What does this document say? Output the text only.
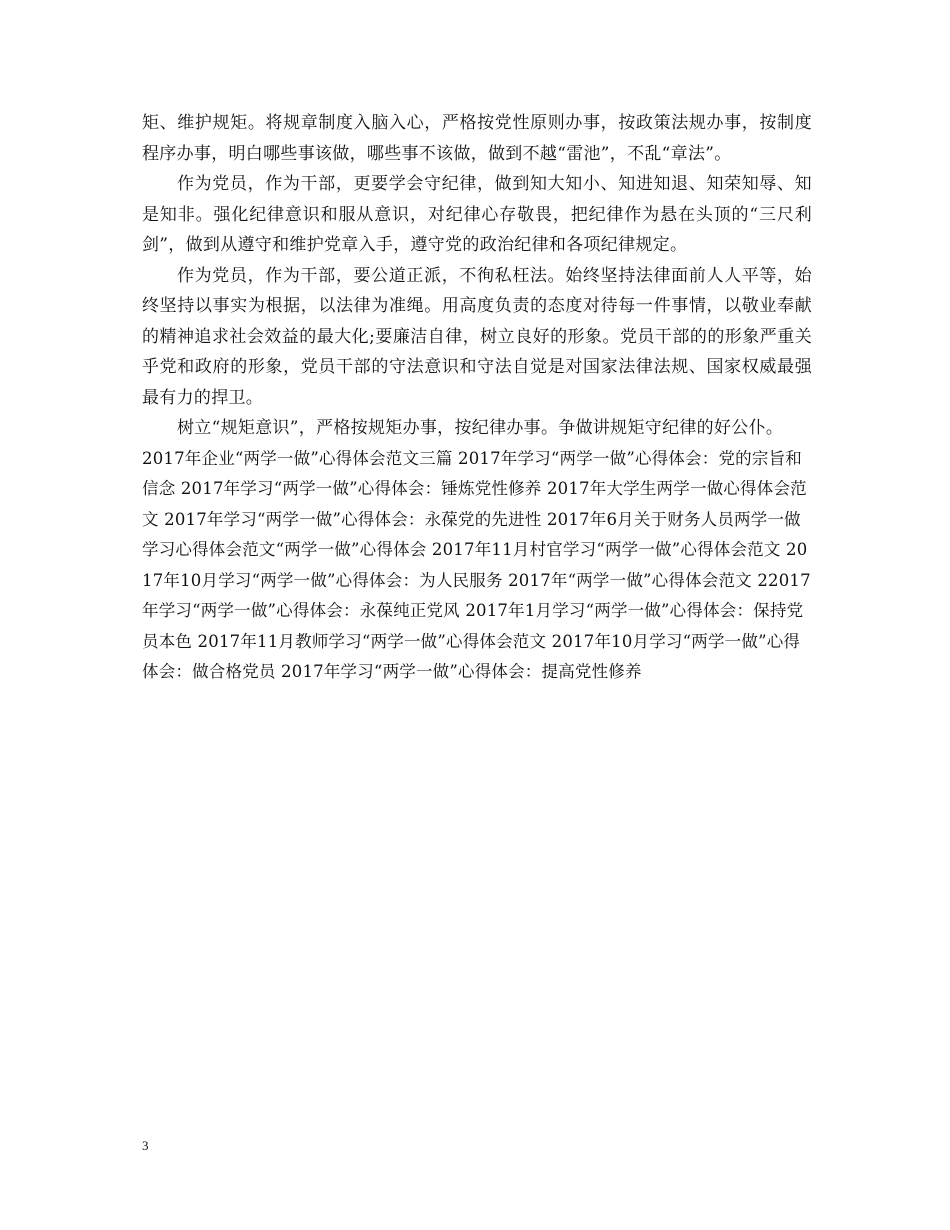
矩、维护规矩。将规章制度入脑入心，严格按党性原则办事，按政策法规办事，按制度程序办事，明白哪些事该做，哪些事不该做，做到不越“雷池”，不乱“章法”。

作为党员，作为干部，更要学会守纪律，做到知大知小、知进知退、知荣知辱、知是知非。强化纪律意识和服从意识，对纪律心存敬畏，把纪律作为悬在头顶的“三尺利剑”，做到从遵守和维护党章入手，遵守党的政治纪律和各项纪律规定。

作为党员，作为干部，要公道正派，不徇私枉法。始终坚持法律面前人人平等，始终坚持以事实为根据，以法律为准绳。用高度负责的态度对待每一件事情，以敬业奉献的精神追求社会效益的最大化;要廉洁自律，树立良好的形象。党员干部的的形象严重关乎党和政府的形象，党员干部的守法意识和守法自觉是对国家法律法规、国家权威最强最有力的捍卫。

树立“规矩意识”，严格按规矩办事，按纪律办事。争做讲规矩守纪律的好公仆。

2017年企业“两学一做”心得体会范文三篇 2017年学习“两学一做”心得体会：党的宗旨和信念 2017年学习“两学一做”心得体会：锤炼党性修养 2017年大学生两学一做心得体会范文 2017年学习“两学一做”心得体会：永葆党的先进性 2017年6月关于财务人员两学一做学习心得体会范文“两学一做”心得体会 2017年11月村官学习“两学一做”心得体会范文 2017年10月学习“两学一做”心得体会：为人民服务 2017年“两学一做”心得体会范文 22017年学习“两学一做”心得体会：永葆纯正党风 2017年1月学习“两学一做”心得体会：保持党员本色 2017年11月教师学习“两学一做”心得体会范文 2017年10月学习“两学一做”心得体会：做合格党员 2017年学习“两学一做”心得体会：提高党性修养

3
